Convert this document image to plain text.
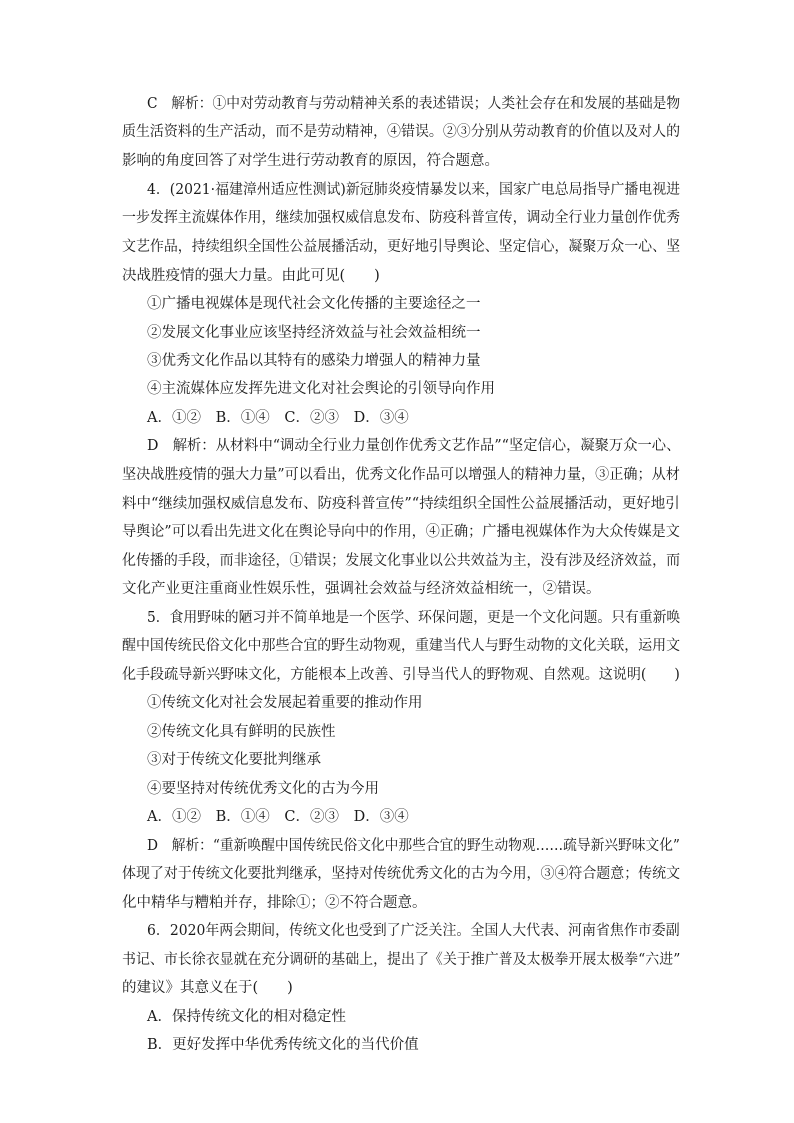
C　解析：①中对劳动教育与劳动精神关系的表述错误；人类社会存在和发展的基础是物
质生活资料的生产活动，而不是劳动精神，④错误。②③分别从劳动教育的价值以及对人的
影响的角度回答了对学生进行劳动教育的原因，符合题意。
4．(2021·福建漳州适应性测试)新冠肺炎疫情暴发以来，国家广电总局指导广播电视进
一步发挥主流媒体作用，继续加强权威信息发布、防疫科普宣传，调动全行业力量创作优秀
文艺作品，持续组织全国性公益展播活动，更好地引导舆论、坚定信心，凝聚万众一心、坚
决战胜疫情的强大力量。由此可见(　　)
①广播电视媒体是现代社会文化传播的主要途径之一
②发展文化事业应该坚持经济效益与社会效益相统一
③优秀文化作品以其特有的感染力增强人的精神力量
④主流媒体应发挥先进文化对社会舆论的引领导向作用
A．①② B．①④ C．②③ D．③④
D　解析：从材料中“调动全行业力量创作优秀文艺作品”“坚定信心，凝聚万众一心、
坚决战胜疫情的强大力量”可以看出，优秀文化作品可以增强人的精神力量，③正确；从材
料中“继续加强权威信息发布、防疫科普宣传”“持续组织全国性公益展播活动，更好地引
导舆论”可以看出先进文化在舆论导向中的作用，④正确；广播电视媒体作为大众传媒是文
化传播的手段，而非途径，①错误；发展文化事业以公共效益为主，没有涉及经济效益，而
文化产业更注重商业性娱乐性，强调社会效益与经济效益相统一，②错误。
5．食用野味的陋习并不简单地是一个医学、环保问题，更是一个文化问题。只有重新唤
醒中国传统民俗文化中那些合宜的野生动物观，重建当代人与野生动物的文化关联，运用文
化手段疏导新兴野味文化，方能根本上改善、引导当代人的野物观、自然观。这说明(　　)
①传统文化对社会发展起着重要的推动作用
②传统文化具有鲜明的民族性
③对于传统文化要批判继承
④要坚持对传统优秀文化的古为今用
A．①② B．①④ C．②③ D．③④
D　解析：“重新唤醒中国传统民俗文化中那些合宜的野生动物观……疏导新兴野味文化”
体现了对于传统文化要批判继承，坚持对传统优秀文化的古为今用，③④符合题意；传统文
化中精华与糟粕并存，排除①；②不符合题意。
6．2020年两会期间，传统文化也受到了广泛关注。全国人大代表、河南省焦作市委副
书记、市长徐衣显就在充分调研的基础上，提出了《关于推广普及太极拳开展太极拳“六进”
的建议》其意义在于(　　)
A．保持传统文化的相对稳定性
B．更好发挥中华优秀传统文化的当代价值
